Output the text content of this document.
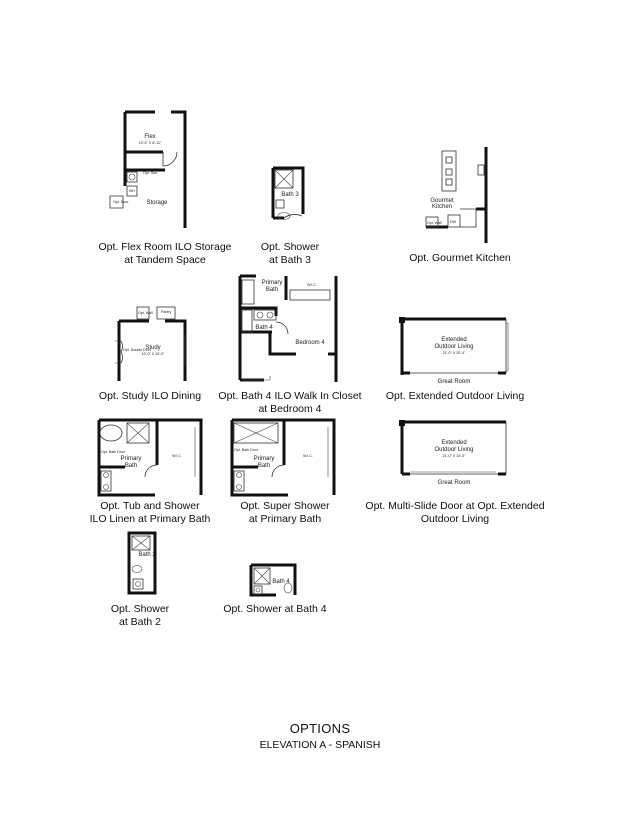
Flex
10'-0" X 8'-11"
Storage
Opt. Stor
Opt. Door
WH
Opt. Flex Room ILO Storage
at Tandem Space
Bath 3
Opt. Shower
at Bath 3
Gourmet
Kitchen
Opt. Wall DW
Opt. Gourmet Kitchen
Study
10'-0" X 10'-0"
Pantry
Opt. Wall
Opt. Double Door
Opt. Study ILO Dining
Primary
Bath
W.I.C.
Bath 4
Bedroom 4
Opt. Bath 4 ILO Walk In Closet
at Bedroom 4
Extended
Outdoor Living
21'-0" X 20'-0"
Great Room
Opt. Extended Outdoor Living
Primary
Bath
W.I.C.
Opt. Bath Door
Opt. Tub and Shower
ILO Linen at Primary Bath
Primary
Bath
W.I.C.
Opt. Bath Door
Opt. Super Shower
at Primary Bath
Extended
Outdoor Living
21'-0" X 10'-0"
Great Room
Opt. Multi-Slide Door at Opt. Extended
Outdoor Living
Bath 2
Opt. Shower
at Bath 2
Bath 4
Opt. Shower at Bath 4
OPTIONS
ELEVATION A - SPANISH
